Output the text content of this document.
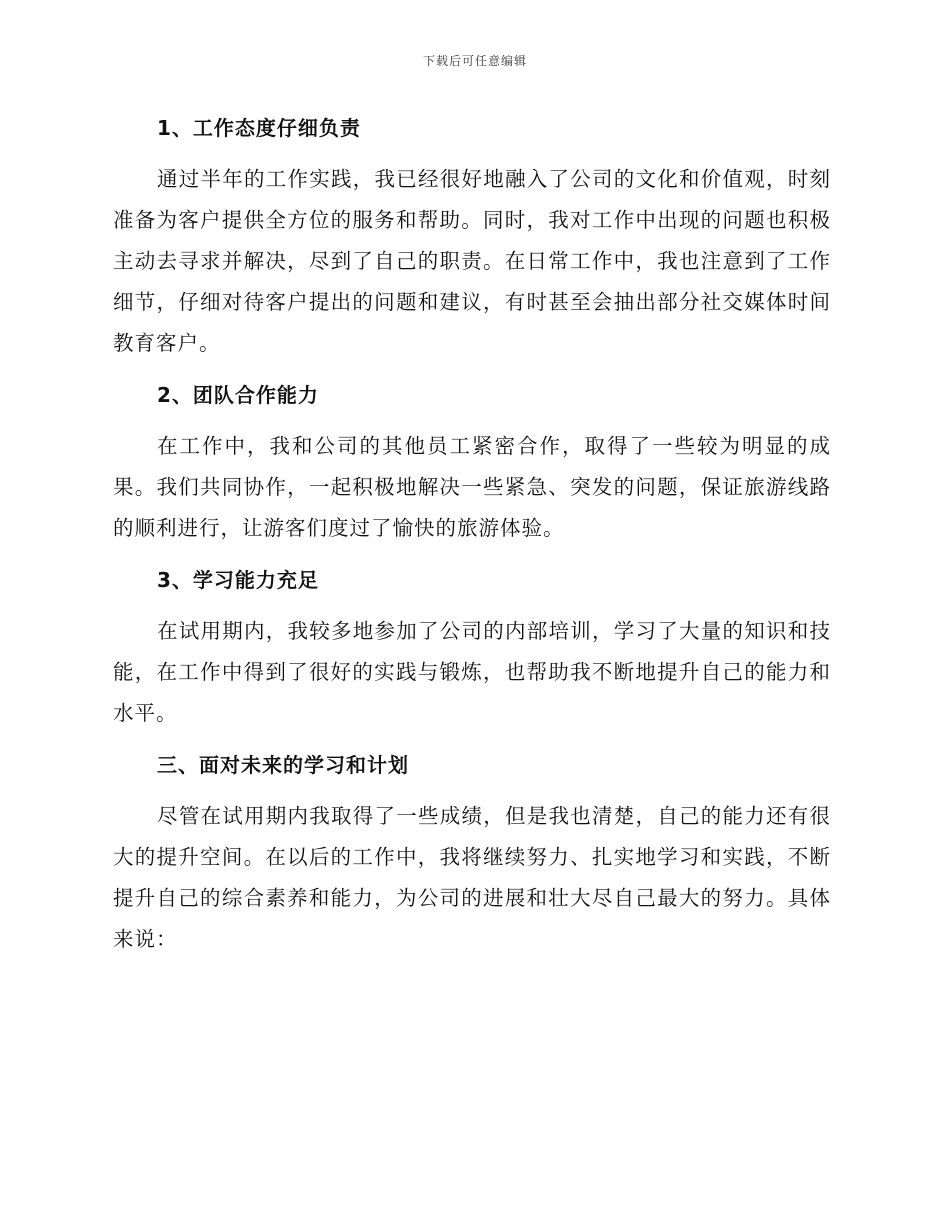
下载后可任意编辑
1、工作态度仔细负责

通过半年的工作实践，我已经很好地融入了公司的文化和价值观，时刻准备为客户提供全方位的服务和帮助。同时，我对工作中出现的问题也积极主动去寻求并解决，尽到了自己的职责。在日常工作中，我也注意到了工作细节，仔细对待客户提出的问题和建议，有时甚至会抽出部分社交媒体时间教育客户。

2、团队合作能力

在工作中，我和公司的其他员工紧密合作，取得了一些较为明显的成果。我们共同协作，一起积极地解决一些紧急、突发的问题，保证旅游线路的顺利进行，让游客们度过了愉快的旅游体验。

3、学习能力充足

在试用期内，我较多地参加了公司的内部培训，学习了大量的知识和技能，在工作中得到了很好的实践与锻炼，也帮助我不断地提升自己的能力和水平。

三、面对未来的学习和计划

尽管在试用期内我取得了一些成绩，但是我也清楚，自己的能力还有很大的提升空间。在以后的工作中，我将继续努力、扎实地学习和实践，不断提升自己的综合素养和能力，为公司的进展和壮大尽自己最大的努力。具体来说：
